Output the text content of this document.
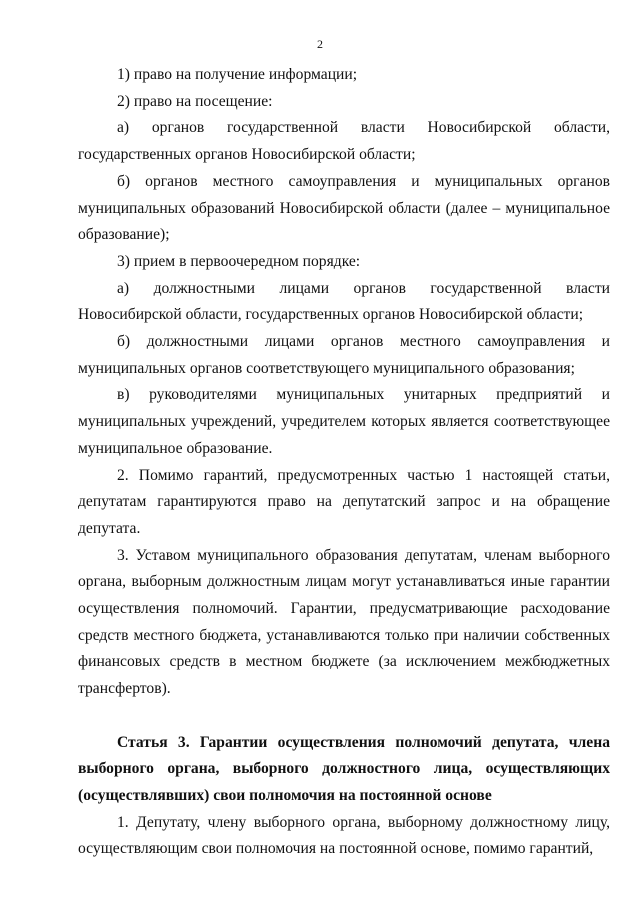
2

1) право на получение информации;

2) право на посещение:

а) органов государственной власти Новосибирской области, государственных органов Новосибирской области;

б) органов местного самоуправления и муниципальных органов муниципальных образований Новосибирской области (далее – муниципальное образование);

3) прием в первоочередном порядке:

а) должностными лицами органов государственной власти Новосибирской области, государственных органов Новосибирской области;

б) должностными лицами органов местного самоуправления и муниципальных органов соответствующего муниципального образования;

в) руководителями муниципальных унитарных предприятий и муниципальных учреждений, учредителем которых является соответствующее муниципальное образование.

2. Помимо гарантий, предусмотренных частью 1 настоящей статьи, депутатам гарантируются право на депутатский запрос и на обращение депутата.

3. Уставом муниципального образования депутатам, членам выборного органа, выборным должностным лицам могут устанавливаться иные гарантии осуществления полномочий. Гарантии, предусматривающие расходование средств местного бюджета, устанавливаются только при наличии собственных финансовых средств в местном бюджете (за исключением межбюджетных трансфертов).

Статья 3. Гарантии осуществления полномочий депутата, члена выборного органа, выборного должностного лица, осуществляющих (осуществлявших) свои полномочия на постоянной основе

1. Депутату, члену выборного органа, выборному должностному лицу, осуществляющим свои полномочия на постоянной основе, помимо гарантий,
